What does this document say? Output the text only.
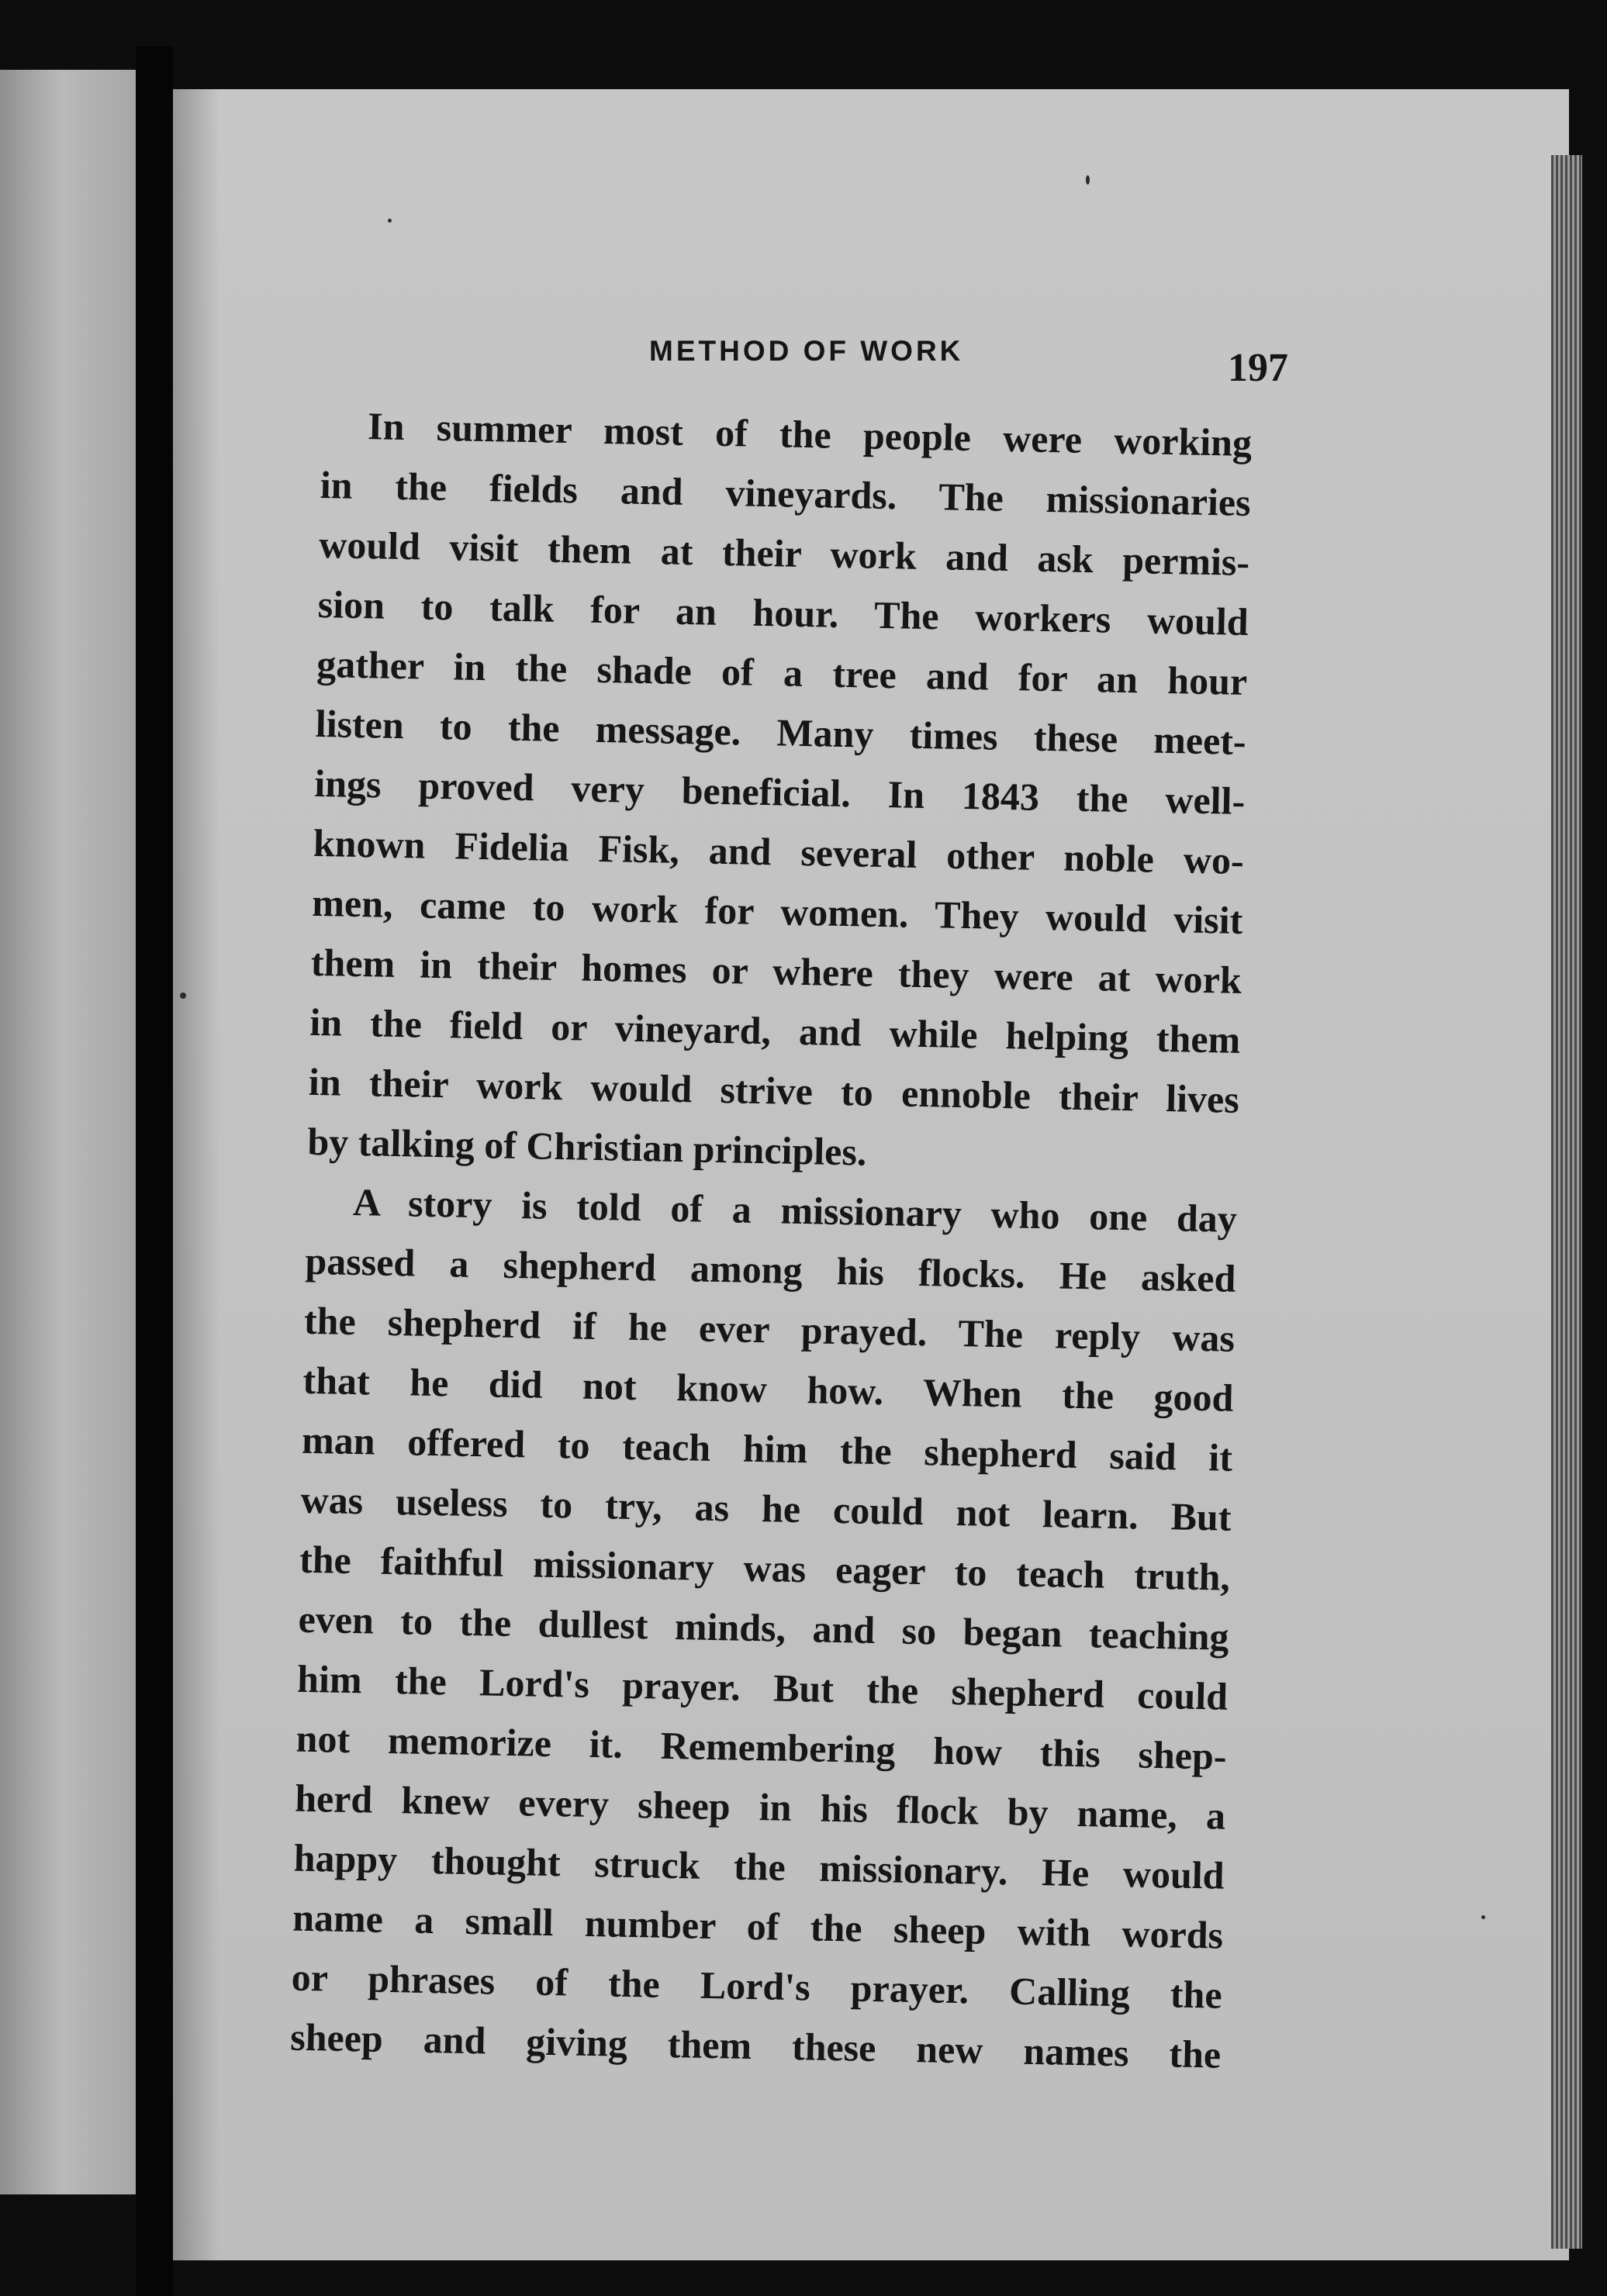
METHOD OF WORK	197
In summer most of the people were working
in the fields and vineyards. The missionaries
would visit them at their work and ask permis-
sion to talk for an hour. The workers would
gather in the shade of a tree and for an hour
listen to the message. Many times these meet-
ings proved very beneficial. In 1843 the well-
known Fidelia Fisk, and several other noble wo-
men, came to work for women. They would visit
them in their homes or where they were at work
in the field or vineyard, and while helping them
in their work would strive to ennoble their lives
by talking of Christian principles.
A story is told of a missionary who one day
passed a shepherd among his flocks. He asked
the shepherd if he ever prayed. The reply was
that he did not know how. When the good
man offered to teach him the shepherd said it
was useless to try, as he could not learn. But
the faithful missionary was eager to teach truth,
even to the dullest minds, and so began teaching
him the Lord's prayer. But the shepherd could
not memorize it. Remembering how this shep-
herd knew every sheep in his flock by name, a
happy thought struck the missionary. He would
name a small number of the sheep with words
or phrases of the Lord's prayer. Calling the
sheep and giving them these new names the
